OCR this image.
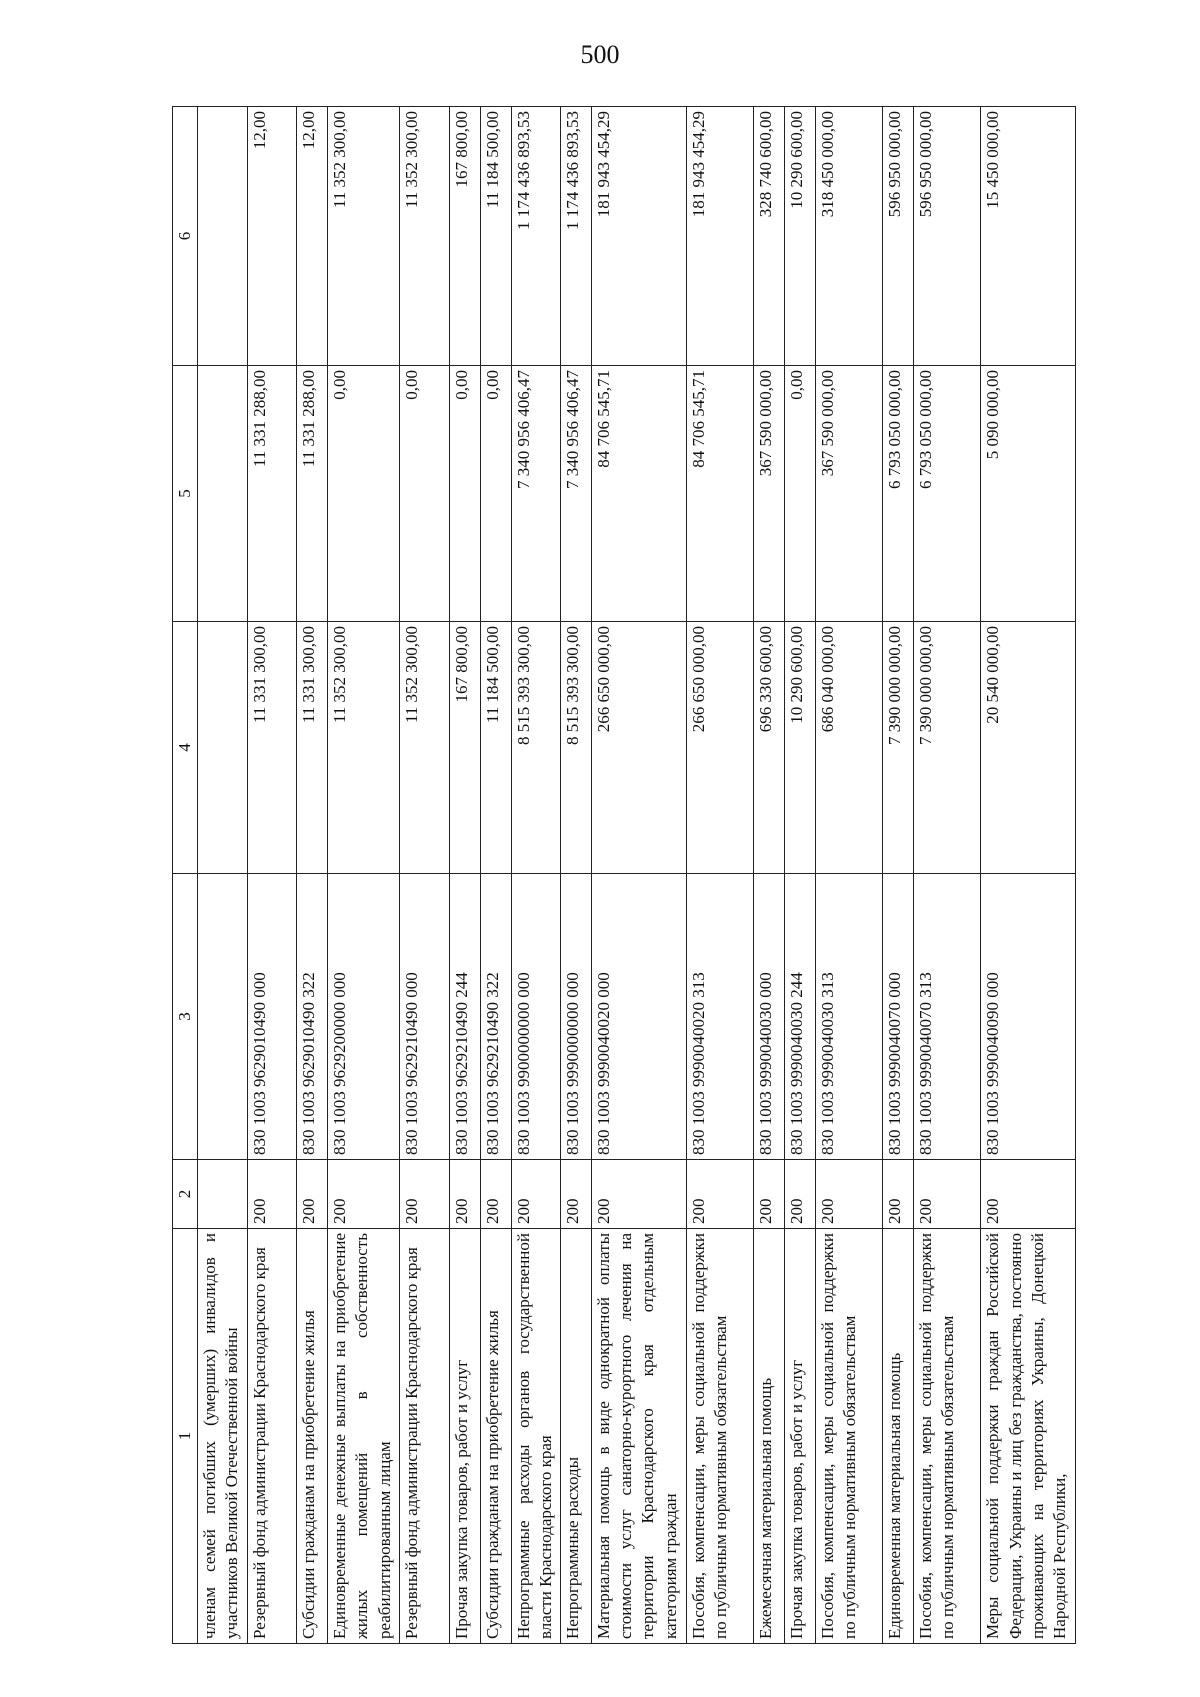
500
1	2	3	4	5	6
членам семей погибших (умерших) инвалидов и участников Великой Отечественной войны					
Резервный фонд администрации Краснодарского края	200	830 1003 9629010490 000	11 331 300,00	11 331 288,00	12,00
Субсидии гражданам на приобретение жилья	200	830 1003 9629010490 322	11 331 300,00	11 331 288,00	12,00
Единовременные денежные выплаты на приобретение жилых помещений в собственность реабилитированным лицам	200	830 1003 9629200000 000	11 352 300,00	0,00	11 352 300,00
Резервный фонд администрации Краснодарского края	200	830 1003 9629210490 000	11 352 300,00	0,00	11 352 300,00
Прочая закупка товаров, работ и услуг	200	830 1003 9629210490 244	167 800,00	0,00	167 800,00
Субсидии гражданам на приобретение жилья	200	830 1003 9629210490 322	11 184 500,00	0,00	11 184 500,00
Непрограммные расходы органов государственной власти Краснодарского края	200	830 1003 9900000000 000	8 515 393 300,00	7 340 956 406,47	1 174 436 893,53
Непрограммные расходы	200	830 1003 9990000000 000	8 515 393 300,00	7 340 956 406,47	1 174 436 893,53
Материальная помощь в виде однократной оплаты стоимости услуг санаторно-курортного лечения на территории Краснодарского края отдельным категориям граждан	200	830 1003 9990040020 000	266 650 000,00	84 706 545,71	181 943 454,29
Пособия, компенсации, меры социальной поддержки по публичным нормативным обязательствам	200	830 1003 9990040020 313	266 650 000,00	84 706 545,71	181 943 454,29
Ежемесячная материальная помощь	200	830 1003 9990040030 000	696 330 600,00	367 590 000,00	328 740 600,00
Прочая закупка товаров, работ и услуг	200	830 1003 9990040030 244	10 290 600,00	0,00	10 290 600,00
Пособия, компенсации, меры социальной поддержки по публичным нормативным обязательствам	200	830 1003 9990040030 313	686 040 000,00	367 590 000,00	318 450 000,00
Единовременная материальная помощь	200	830 1003 9990040070 000	7 390 000 000,00	6 793 050 000,00	596 950 000,00
Пособия, компенсации, меры социальной поддержки по публичным нормативным обязательствам	200	830 1003 9990040070 313	7 390 000 000,00	6 793 050 000,00	596 950 000,00
Меры социальной поддержки граждан Российской Федерации, Украины и лиц без гражданства, постоянно проживающих на территориях Украины, Донецкой Народной Республики,	200	830 1003 9990040090 000	20 540 000,00	5 090 000,00	15 450 000,00
